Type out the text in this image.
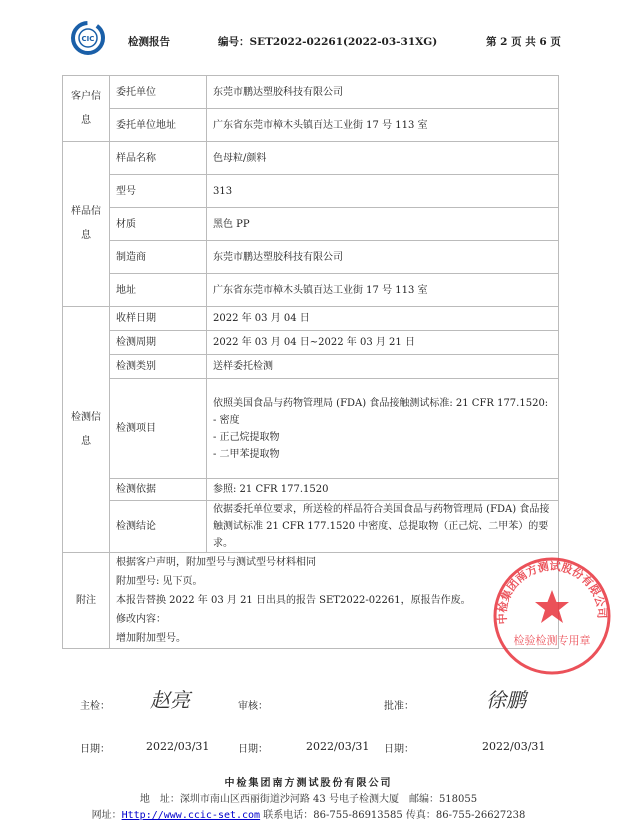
CIC	检测报告	编号：SET2022-02261(2022-03-31XG)	第 2 页 共 6 页
客户信息	委托单位	东莞市鹏达塑胶科技有限公司
	委托单位地址	广东省东莞市樟木头镇百达工业街 17 号 113 室
样品信息	样品名称	色母粒/颜料
	型号	313
	材质	黑色 PP
	制造商	东莞市鹏达塑胶科技有限公司
	地址	广东省东莞市樟木头镇百达工业街 17 号 113 室
检测信息	收样日期	2022 年 03 月 04 日
	检测周期	2022 年 03 月 04 日~2022 年 03 月 21 日
	检测类别	送样委托检测
	检测项目	依照美国食品与药物管理局 (FDA) 食品接触测试标准: 21 CFR 177.1520:
- 密度
- 正己烷提取物
- 二甲苯提取物

	检测依据	参照: 21 CFR 177.1520
	检测结论	依据委托单位要求，所送检的样品符合美国食品与药物管理局 (FDA) 食品接触测试标准 21 CFR 177.1520 中密度、总提取物（正己烷、二甲苯）的要求。
附注	根据客户声明，附加型号与测试型号材料相同
附加型号: 见下页。
本报告替换 2022 年 03 月 21 日出具的报告 SET2022-02261，原报告作废。
修改内容：
增加附加型号。	
中检集团南方测试股份有限公司
检验检测专用章
主检： 赵亮
日期：	2022/03/31
审核：
日期：	2022/03/31
批准：	徐鹏
日期：	2022/03/31
中检集团南方测试股份有限公司
地　址：深圳市南山区西丽街道沙河路 43 号电子检测大厦　邮编：518055
网址：Http://www.ccic-set.com 联系电话：86-755-86913585 传真：86-755-26627238
